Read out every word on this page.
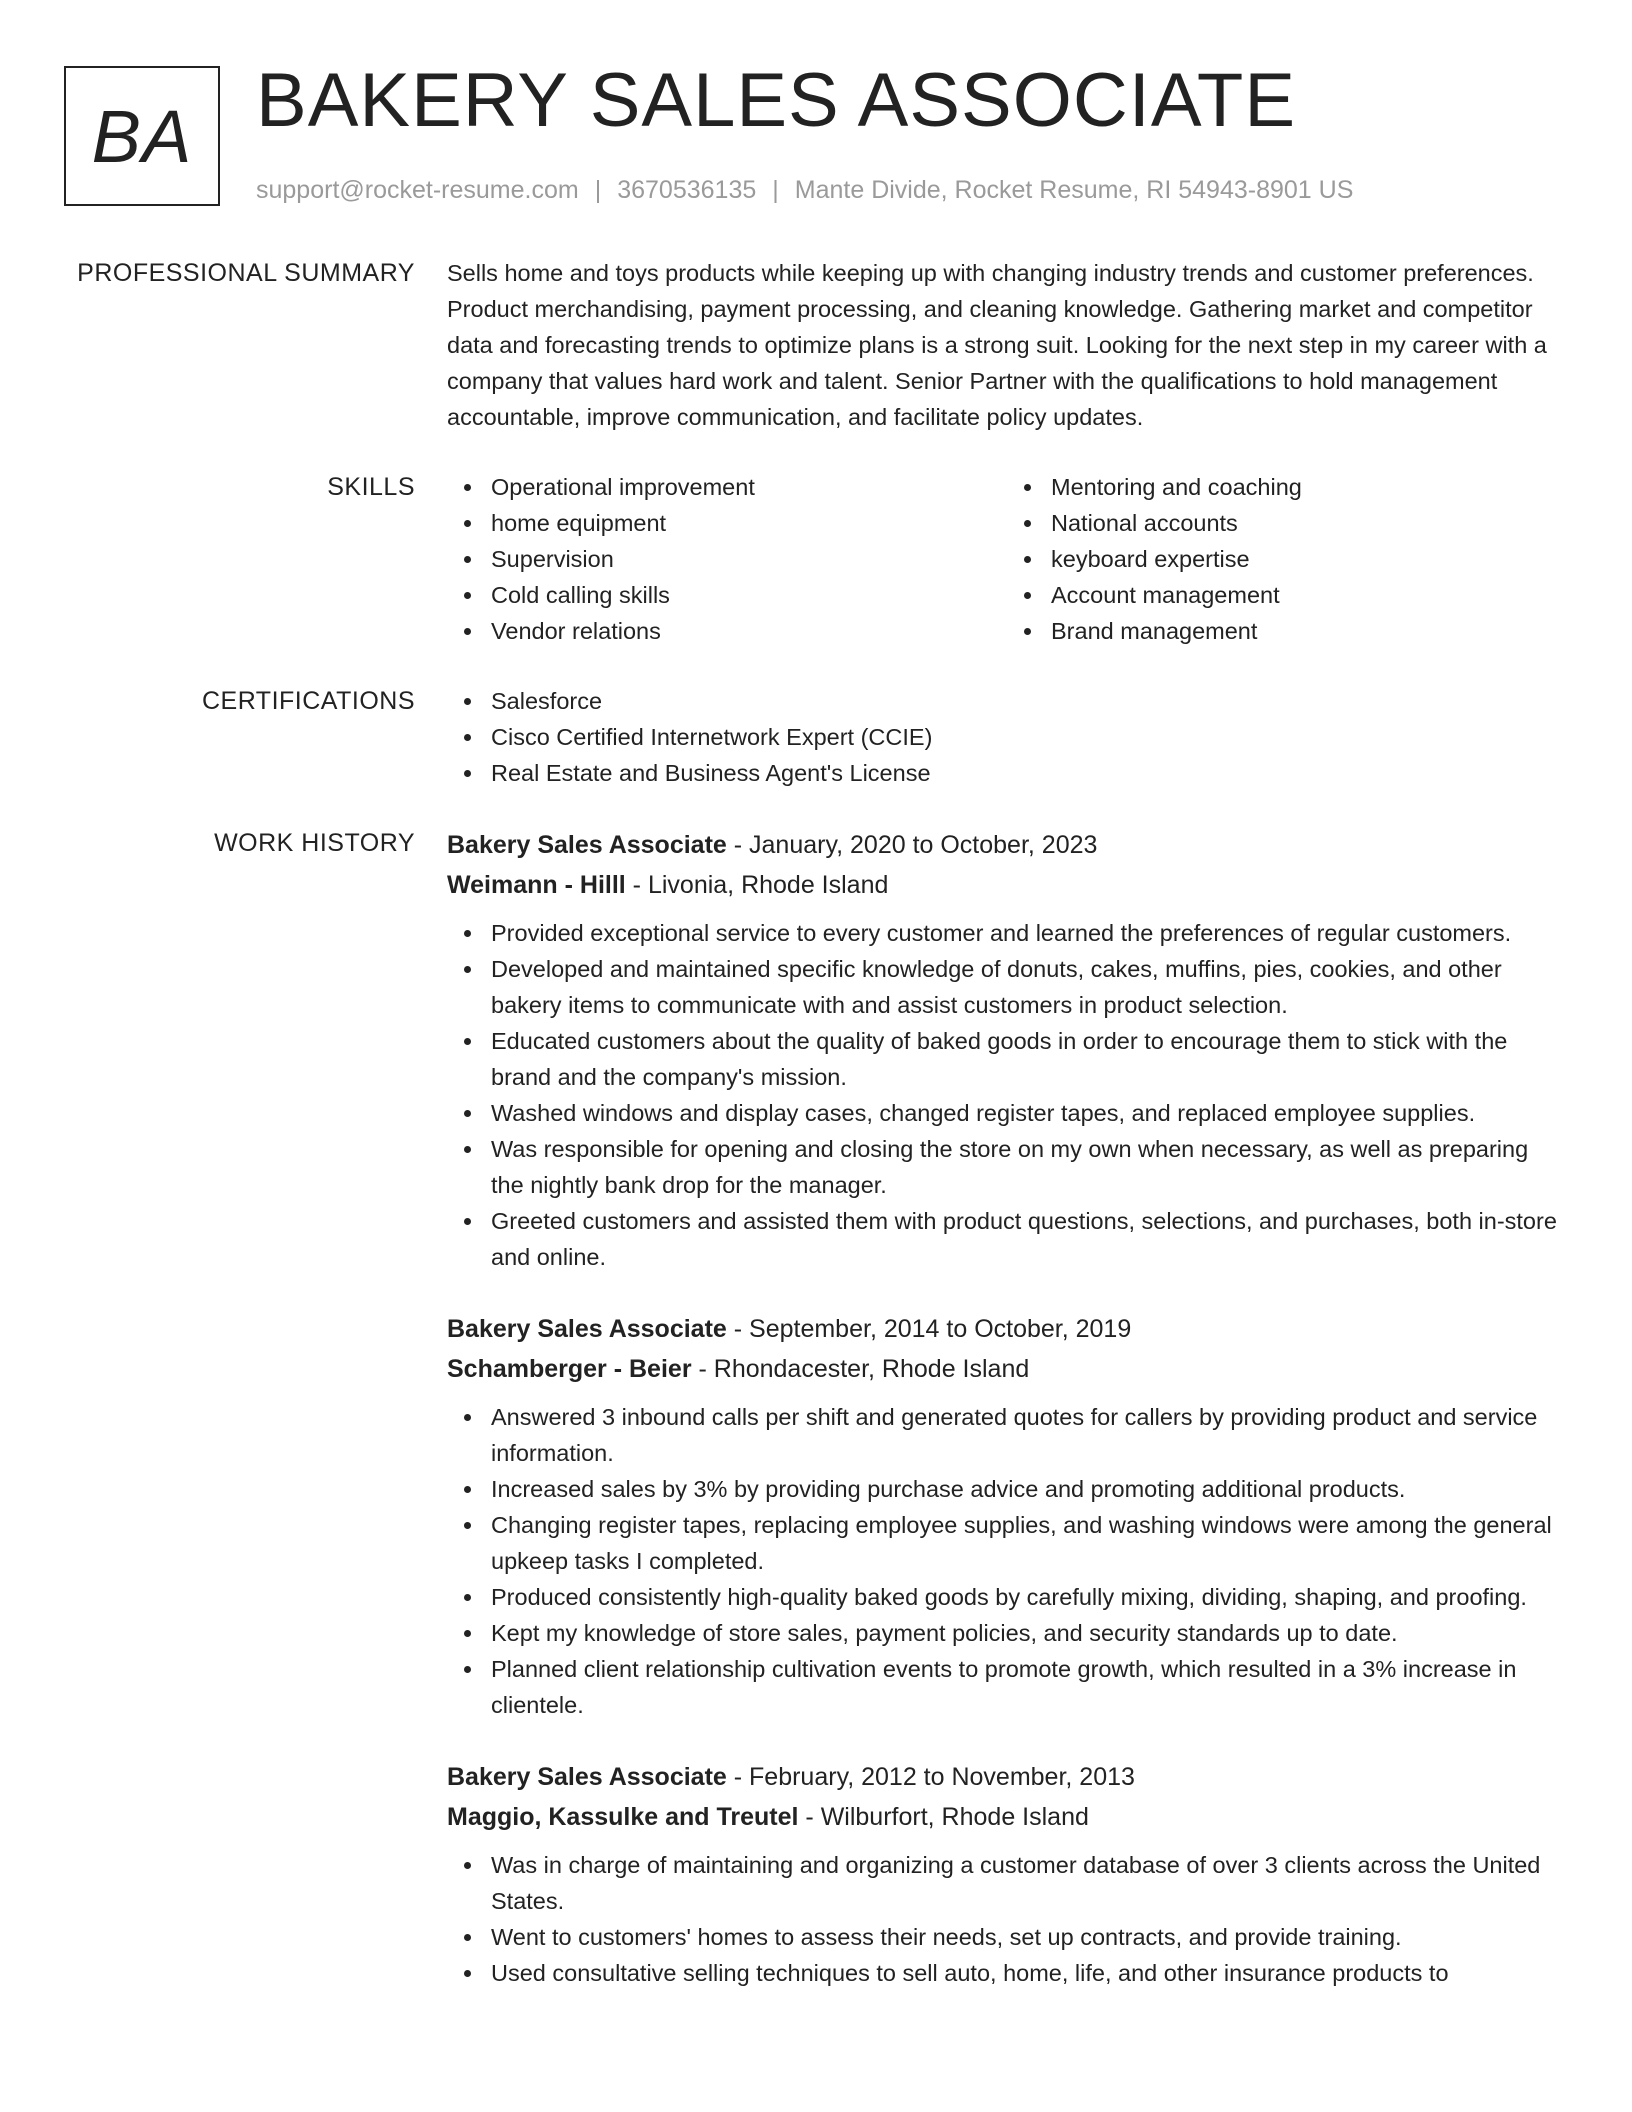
BA BAKERY SALES ASSOCIATE
support@rocket-resume.com | 3670536135 | Mante Divide, Rocket Resume, RI 54943-8901 US
PROFESSIONAL SUMMARY Sells home and toys products while keeping up with changing industry trends and customer preferences. Product merchandising, payment processing, and cleaning knowledge. Gathering market and competitor data and forecasting trends to optimize plans is a strong suit. Looking for the next step in my career with a company that values hard work and talent. Senior Partner with the qualifications to hold management accountable, improve communication, and facilitate policy updates.

SKILLS	Operational improvement
home equipment
Supervision
Cold calling skills
Vendor relations
Mentoring and coaching
National accounts
keyboard expertise
Account management
Brand management
CERTIFICATIONS	Salesforce
Cisco Certified Internetwork Expert (CCIE)
Real Estate and Business Agent's License
WORK HISTORY Bakery Sales Associate - January, 2020 to October, 2023
Weimann - Hilll - Livonia, Rhode Island
Provided exceptional service to every customer and learned the preferences of regular customers.
Developed and maintained specific knowledge of donuts, cakes, muffins, pies, cookies, and other bakery items to communicate with and assist customers in product selection.
Educated customers about the quality of baked goods in order to encourage them to stick with the brand and the company's mission.
Washed windows and display cases, changed register tapes, and replaced employee supplies.
Was responsible for opening and closing the store on my own when necessary, as well as preparing the nightly bank drop for the manager.
Greeted customers and assisted them with product questions, selections, and purchases, both in-store and online.
Bakery Sales Associate - September, 2014 to October, 2019
Schamberger - Beier - Rhondacester, Rhode Island
Answered 3 inbound calls per shift and generated quotes for callers by providing product and service information.
Increased sales by 3% by providing purchase advice and promoting additional products.
Changing register tapes, replacing employee supplies, and washing windows were among the general upkeep tasks I completed.
Produced consistently high-quality baked goods by carefully mixing, dividing, shaping, and proofing.
Kept my knowledge of store sales, payment policies, and security standards up to date.
Planned client relationship cultivation events to promote growth, which resulted in a 3% increase in clientele.
Bakery Sales Associate - February, 2012 to November, 2013
Maggio, Kassulke and Treutel - Wilburfort, Rhode Island
Was in charge of maintaining and organizing a customer database of over 3 clients across the United States.
Went to customers' homes to assess their needs, set up contracts, and provide training.
Used consultative selling techniques to sell auto, home, life, and other insurance products to
